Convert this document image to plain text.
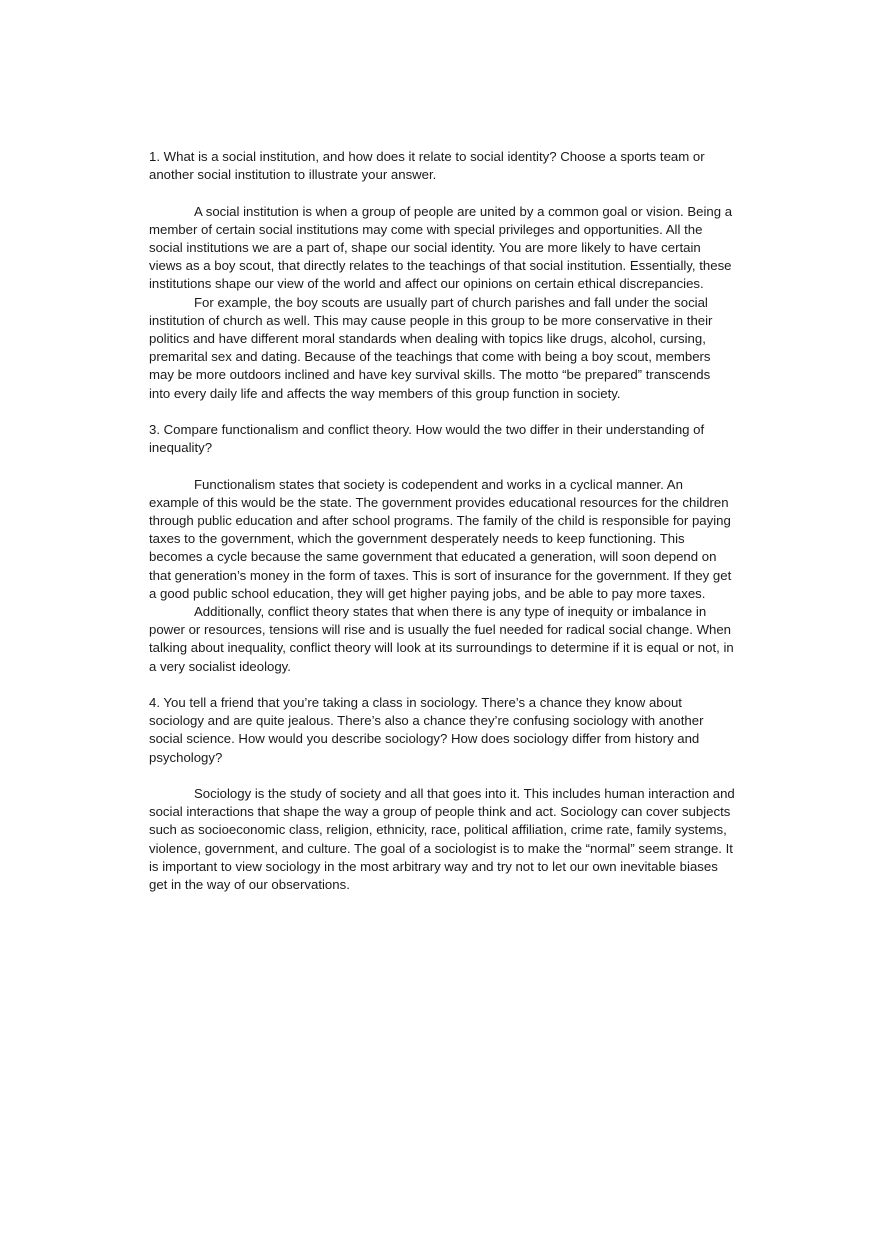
1. What is a social institution, and how does it relate to social identity? Choose a sports team or another social institution to illustrate your answer.

A social institution is when a group of people are united by a common goal or vision. Being a member of certain social institutions may come with special privileges and opportunities. All the social institutions we are a part of, shape our social identity. You are more likely to have certain views as a boy scout, that directly relates to the teachings of that social institution. Essentially, these institutions shape our view of the world and affect our opinions on certain ethical discrepancies.

For example, the boy scouts are usually part of church parishes and fall under the social institution of church as well. This may cause people in this group to be more conservative in their politics and have different moral standards when dealing with topics like drugs, alcohol, cursing, premarital sex and dating. Because of the teachings that come with being a boy scout, members may be more outdoors inclined and have key survival skills. The motto “be prepared” transcends into every daily life and affects the way members of this group function in society.

3. Compare functionalism and conflict theory. How would the two differ in their understanding of inequality?

Functionalism states that society is codependent and works in a cyclical manner. An example of this would be the state. The government provides educational resources for the children through public education and after school programs. The family of the child is responsible for paying taxes to the government, which the government desperately needs to keep functioning. This becomes a cycle because the same government that educated a generation, will soon depend on that generation’s money in the form of taxes. This is sort of insurance for the government. If they get a good public school education, they will get higher paying jobs, and be able to pay more taxes.

Additionally, conflict theory states that when there is any type of inequity or imbalance in power or resources, tensions will rise and is usually the fuel needed for radical social change. When talking about inequality, conflict theory will look at its surroundings to determine if it is equal or not, in a very socialist ideology.

4. You tell a friend that you’re taking a class in sociology. There’s a chance they know about sociology and are quite jealous. There’s also a chance they’re confusing sociology with another social science. How would you describe sociology? How does sociology differ from history and psychology?

Sociology is the study of society and all that goes into it. This includes human interaction and social interactions that shape the way a group of people think and act. Sociology can cover subjects such as socioeconomic class, religion, ethnicity, race, political affiliation, crime rate, family systems, violence, government, and culture. The goal of a sociologist is to make the “normal” seem strange. It is important to view sociology in the most arbitrary way and try not to let our own inevitable biases get in the way of our observations.
